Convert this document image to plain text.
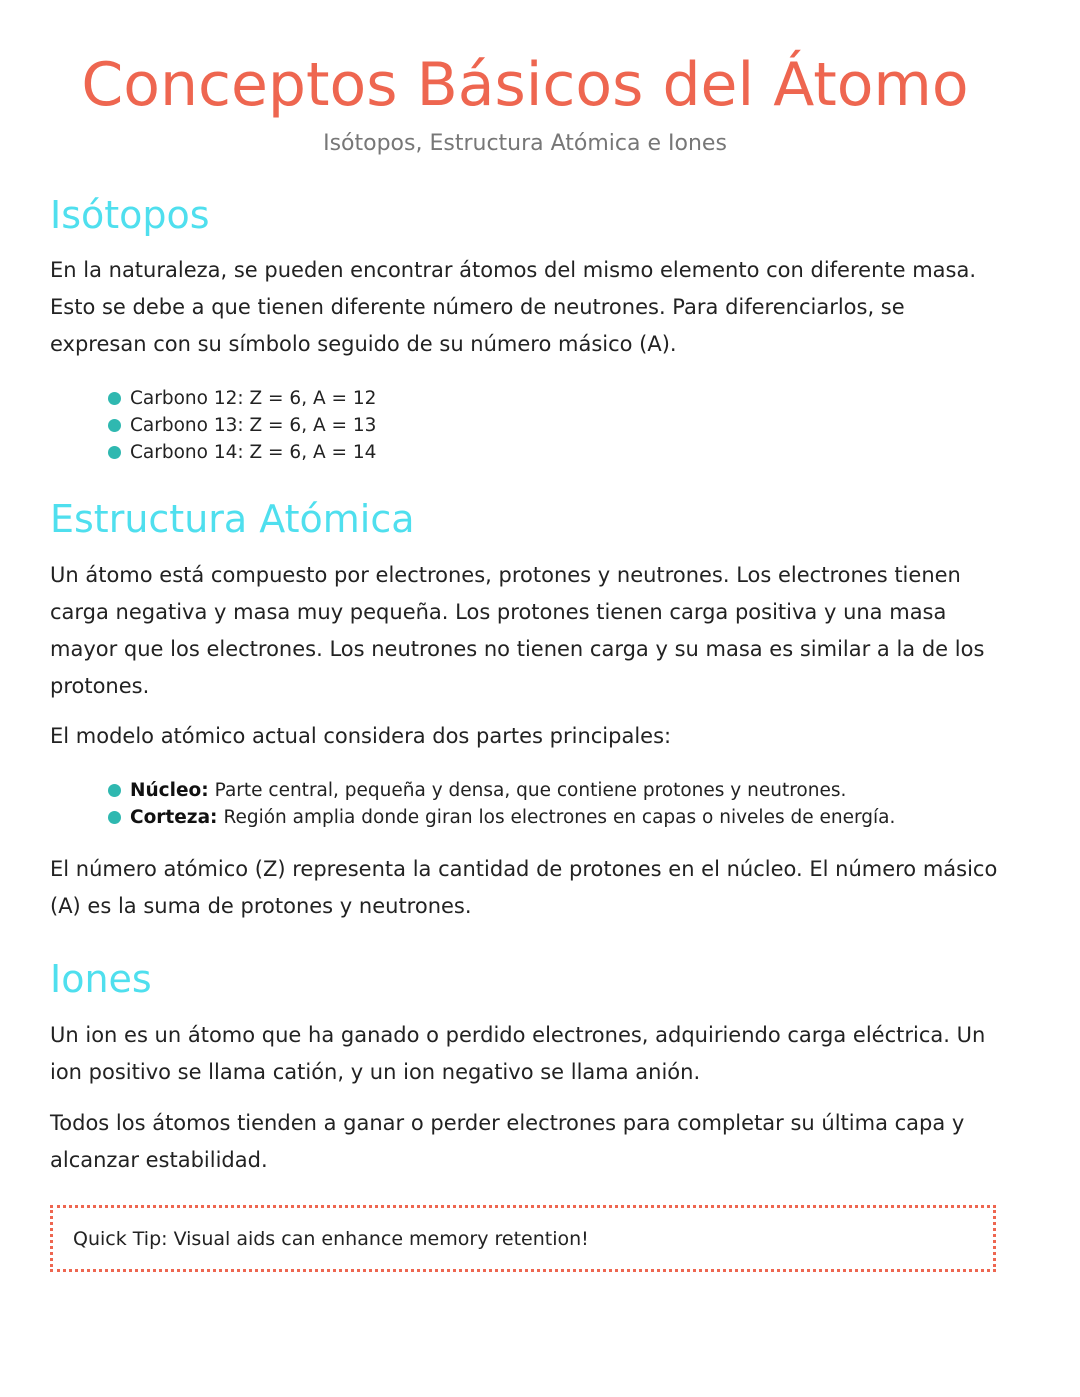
Conceptos Básicos del Átomo
Isótopos, Estructura Atómica e Iones
Isótopos

En la naturaleza, se pueden encontrar átomos del mismo elemento con diferente masa. Esto se debe a que tienen diferente número de neutrones. Para diferenciarlos, se expresan con su símbolo seguido de su número másico (A).

Carbono 12: Z = 6, A = 12
Carbono 13: Z = 6, A = 13
Carbono 14: Z = 6, A = 14
Estructura Atómica

Un átomo está compuesto por electrones, protones y neutrones. Los electrones tienen carga negativa y masa muy pequeña. Los protones tienen carga positiva y una masa mayor que los electrones. Los neutrones no tienen carga y su masa es similar a la de los protones.

El modelo atómico actual considera dos partes principales:

Núcleo: Parte central, pequeña y densa, que contiene protones y neutrones.
Corteza: Región amplia donde giran los electrones en capas o niveles de energía.

El número atómico (Z) representa la cantidad de protones en el núcleo. El número másico (A) es la suma de protones y neutrones.

Iones

Un ion es un átomo que ha ganado o perdido electrones, adquiriendo carga eléctrica. Un ion positivo se llama catión, y un ion negativo se llama anión.

Todos los átomos tienden a ganar o perder electrones para completar su última capa y alcanzar estabilidad.

Quick Tip: Visual aids can enhance memory retention!
